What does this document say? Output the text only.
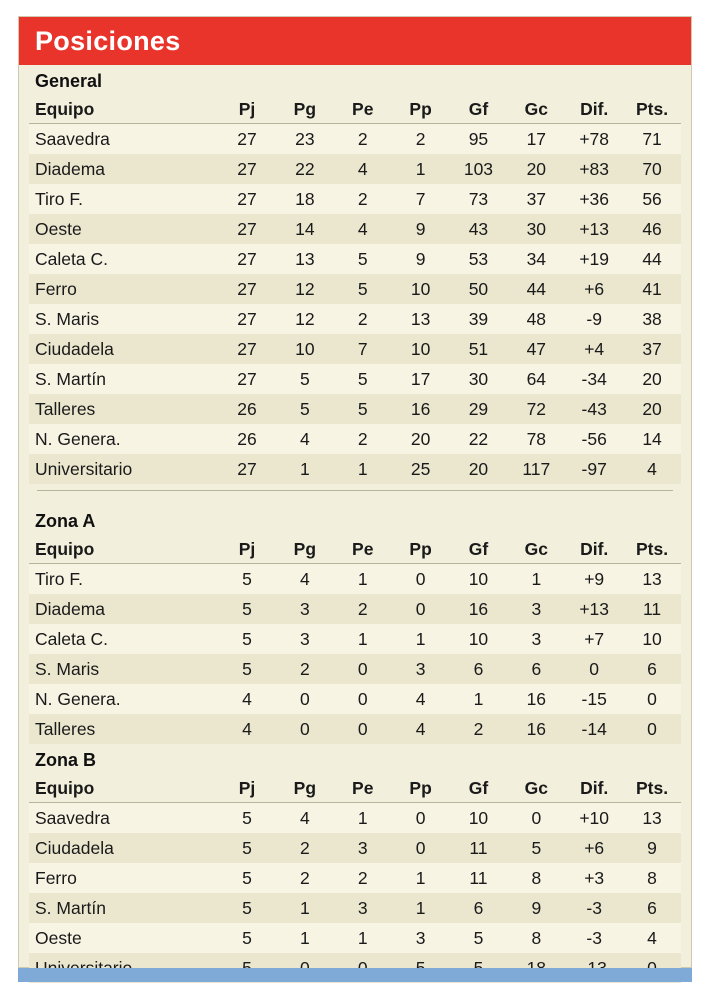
Posiciones
General
Equipo	Pj	Pg	Pe	Pp	Gf	Gc	Dif.	Pts.
Saavedra	27	23	2	2	95	17	+78	71
Diadema	27	22	4	1	103	20	+83	70
Tiro F.	27	18	2	7	73	37	+36	56
Oeste	27	14	4	9	43	30	+13	46
Caleta C.	27	13	5	9	53	34	+19	44
Ferro	27	12	5	10	50	44	+6	41
S. Maris	27	12	2	13	39	48	-9	38
Ciudadela	27	10	7	10	51	47	+4	37
S. Martín	27	5	5	17	30	64	-34	20
Talleres	26	5	5	16	29	72	-43	20
N. Genera.	26	4	2	20	22	78	-56	14
Universitario	27	1	1	25	20	117	-97	4
Zona A
Equipo	Pj	Pg	Pe	Pp	Gf	Gc	Dif.	Pts.
Tiro F.	5	4	1	0	10	1	+9	13
Diadema	5	3	2	0	16	3	+13	11
Caleta C.	5	3	1	1	10	3	+7	10
S. Maris	5	2	0	3	6	6	0	6
N. Genera.	4	0	0	4	1	16	-15	0
Talleres	4	0	0	4	2	16	-14	0
Zona B
Equipo	Pj	Pg	Pe	Pp	Gf	Gc	Dif.	Pts.
Saavedra	5	4	1	0	10	0	+10	13
Ciudadela	5	2	3	0	11	5	+6	9
Ferro	5	2	2	1	11	8	+3	8
S. Martín	5	1	3	1	6	9	-3	6
Oeste	5	1	1	3	5	8	-3	4
